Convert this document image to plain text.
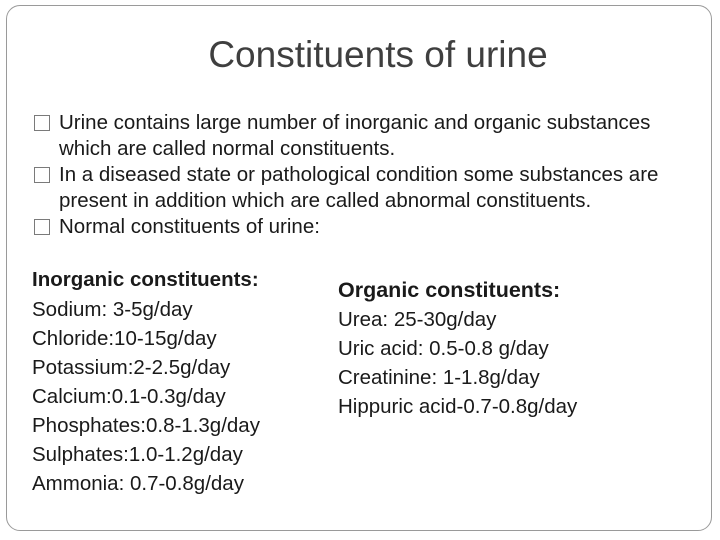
Constituents of urine

Urine contains large number of inorganic and organic substances which are called normal constituents.

In a diseased state or pathological condition some substances are present in addition which are called abnormal constituents.

Normal constituents of urine:

Inorganic constituents:
Sodium: 3-5g/day
Chloride:10-15g/day
Potassium:2-2.5g/day
Calcium:0.1-0.3g/day
Phosphates:0.8-1.3g/day
Sulphates:1.0-1.2g/day
Ammonia: 0.7-0.8g/day
Organic constituents:
Urea: 25-30g/day
Uric acid: 0.5-0.8 g/day
Creatinine: 1-1.8g/day
Hippuric acid-0.7-0.8g/day
